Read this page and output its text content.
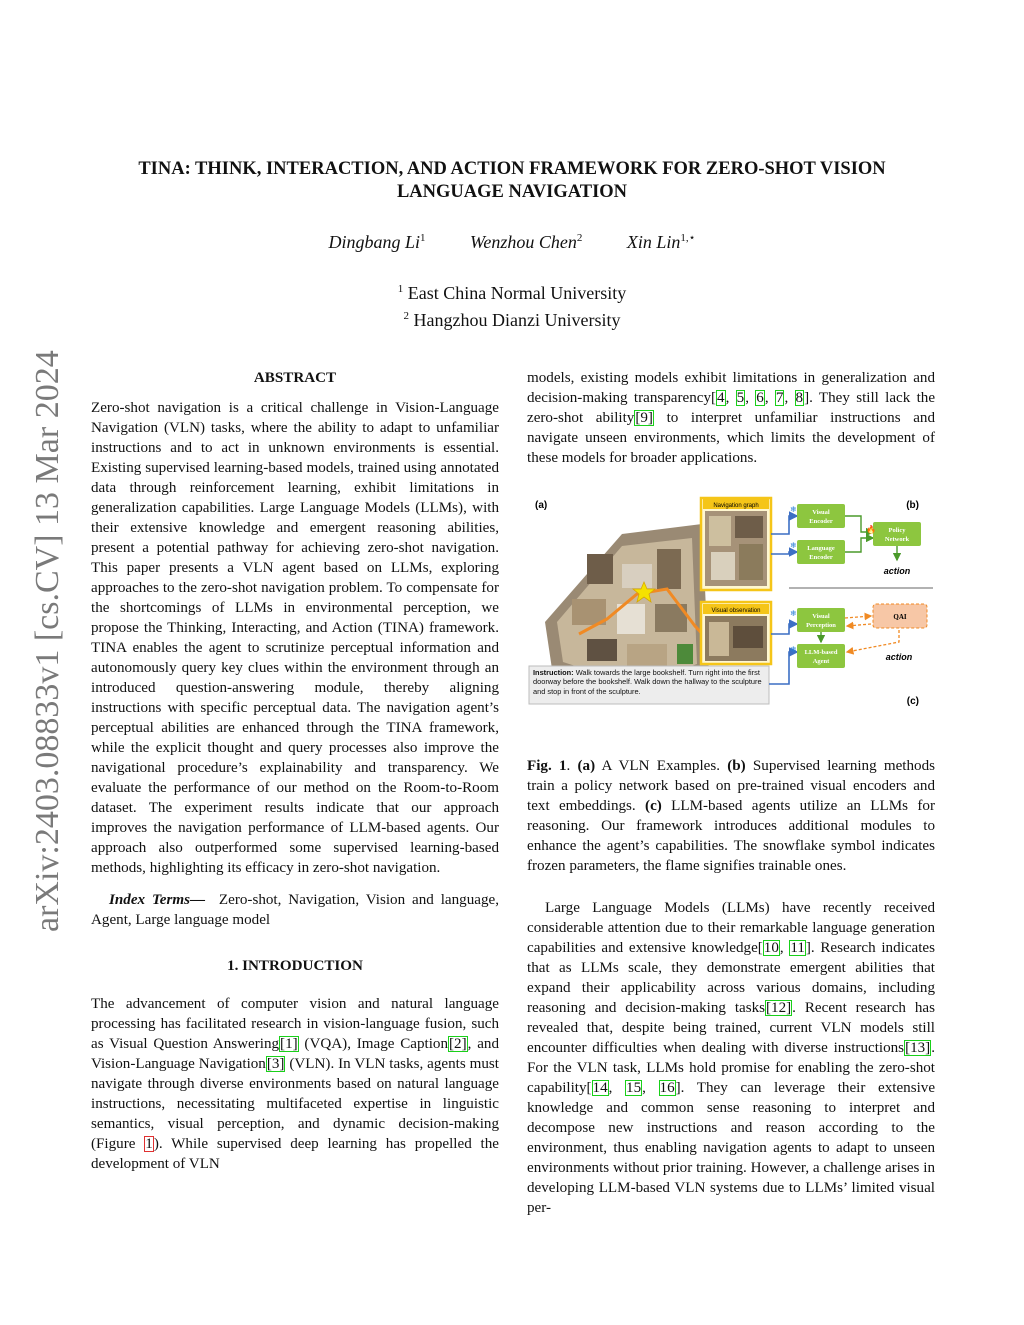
arXiv:2403.08833v1 [cs.CV] 13 Mar 2024
TINA: THINK, INTERACTION, AND ACTION FRAMEWORK FOR ZERO-SHOT VISION LANGUAGE NAVIGATION
Dingbang Li$^1$ Wenzhou Chen$^2$ Xin Lin$^{1,⋆}$
$^1$ East China Normal University
$^2$ Hangzhou Dianzi University
ABSTRACT

Zero-shot navigation is a critical challenge in Vision-Language Navigation (VLN) tasks, where the ability to adapt to unfamiliar instructions and to act in unknown environments is essential. Existing supervised learning-based models, trained using annotated data through reinforcement learning, exhibit limitations in generalization capabilities. Large Language Models (LLMs), with their extensive knowledge and emergent reasoning abilities, present a potential pathway for achieving zero-shot navigation. This paper presents a VLN agent based on LLMs, exploring approaches to the zero-shot navigation problem. To compensate for the shortcomings of LLMs in environmental perception, we propose the Thinking, Interacting, and Action (TINA) framework. TINA enables the agent to scrutinize perceptual information and autonomously query key clues within the environment through an introduced question-answering module, thereby aligning instructions with specific perceptual data. The navigation agent’s perceptual abilities are enhanced through the TINA framework, while the explicit thought and query processes also improve the navigational procedure’s explainability and transparency. We evaluate the performance of our method on the Room-to-Room dataset. The experiment results indicate that our approach improves the navigation performance of LLM-based agents. Our approach also outperformed some supervised learning-based methods, highlighting its efficacy in zero-shot navigation.

Index Terms— Zero-shot, Navigation, Vision and language, Agent, Large language model

1. INTRODUCTION

The advancement of computer vision and natural language processing has facilitated research in vision-language fusion, such as Visual Question Answering[1] (VQA), Image Caption[2], and Vision-Language Navigation[3] (VLN). In VLN tasks, agents must navigate through diverse environments based on natural language instructions, necessitating multifaceted expertise in linguistic semantics, visual perception, and dynamic decision-making (Figure 1). While supervised deep learning has propelled the development of VLN

models, existing models exhibit limitations in generalization and decision-making transparency[4, 5, 6, 7, 8]. They still lack the zero-shot ability[9] to interpret unfamiliar instructions and navigate unseen environments, which limits the development of these models for broader applications.

(a)	Navigation graph
Visual observation
Instruction: Walk towards the large bookshelf. Turn right into the first doorway before the bookshelf. Walk down the hallway to the sculpture and stop in front of the sculpture.
(b)
Visual
Encoder
❄
Language
Encoder
❄
Policy
Network
🔥
action
Visual
Perception
❄	QAI
LLM-based
Agent
❄
action
(c)

Fig. 1. (a) A VLN Examples. (b) Supervised learning methods train a policy network based on pre-trained visual encoders and text embeddings. (c) LLM-based agents utilize an LLMs for reasoning. Our framework introduces additional modules to enhance the agent’s capabilities. The snowflake symbol indicates frozen parameters, the flame signifies trainable ones.

Large Language Models (LLMs) have recently received considerable attention due to their remarkable language generation capabilities and extensive knowledge[10, 11]. Research indicates that as LLMs scale, they demonstrate emergent abilities that expand their applicability across various domains, including reasoning and decision-making tasks[12]. Recent research has revealed that, despite being trained, current VLN models still encounter difficulties when dealing with diverse instructions[13]. For the VLN task, LLMs hold promise for enabling the zero-shot capability[14, 15, 16]. They can leverage their extensive knowledge and common sense reasoning to interpret and decompose new instructions and reason according to the environment, thus enabling navigation agents to adapt to unseen environments without prior training. However, a challenge arises in developing LLM-based VLN systems due to LLMs’ limited visual per-
